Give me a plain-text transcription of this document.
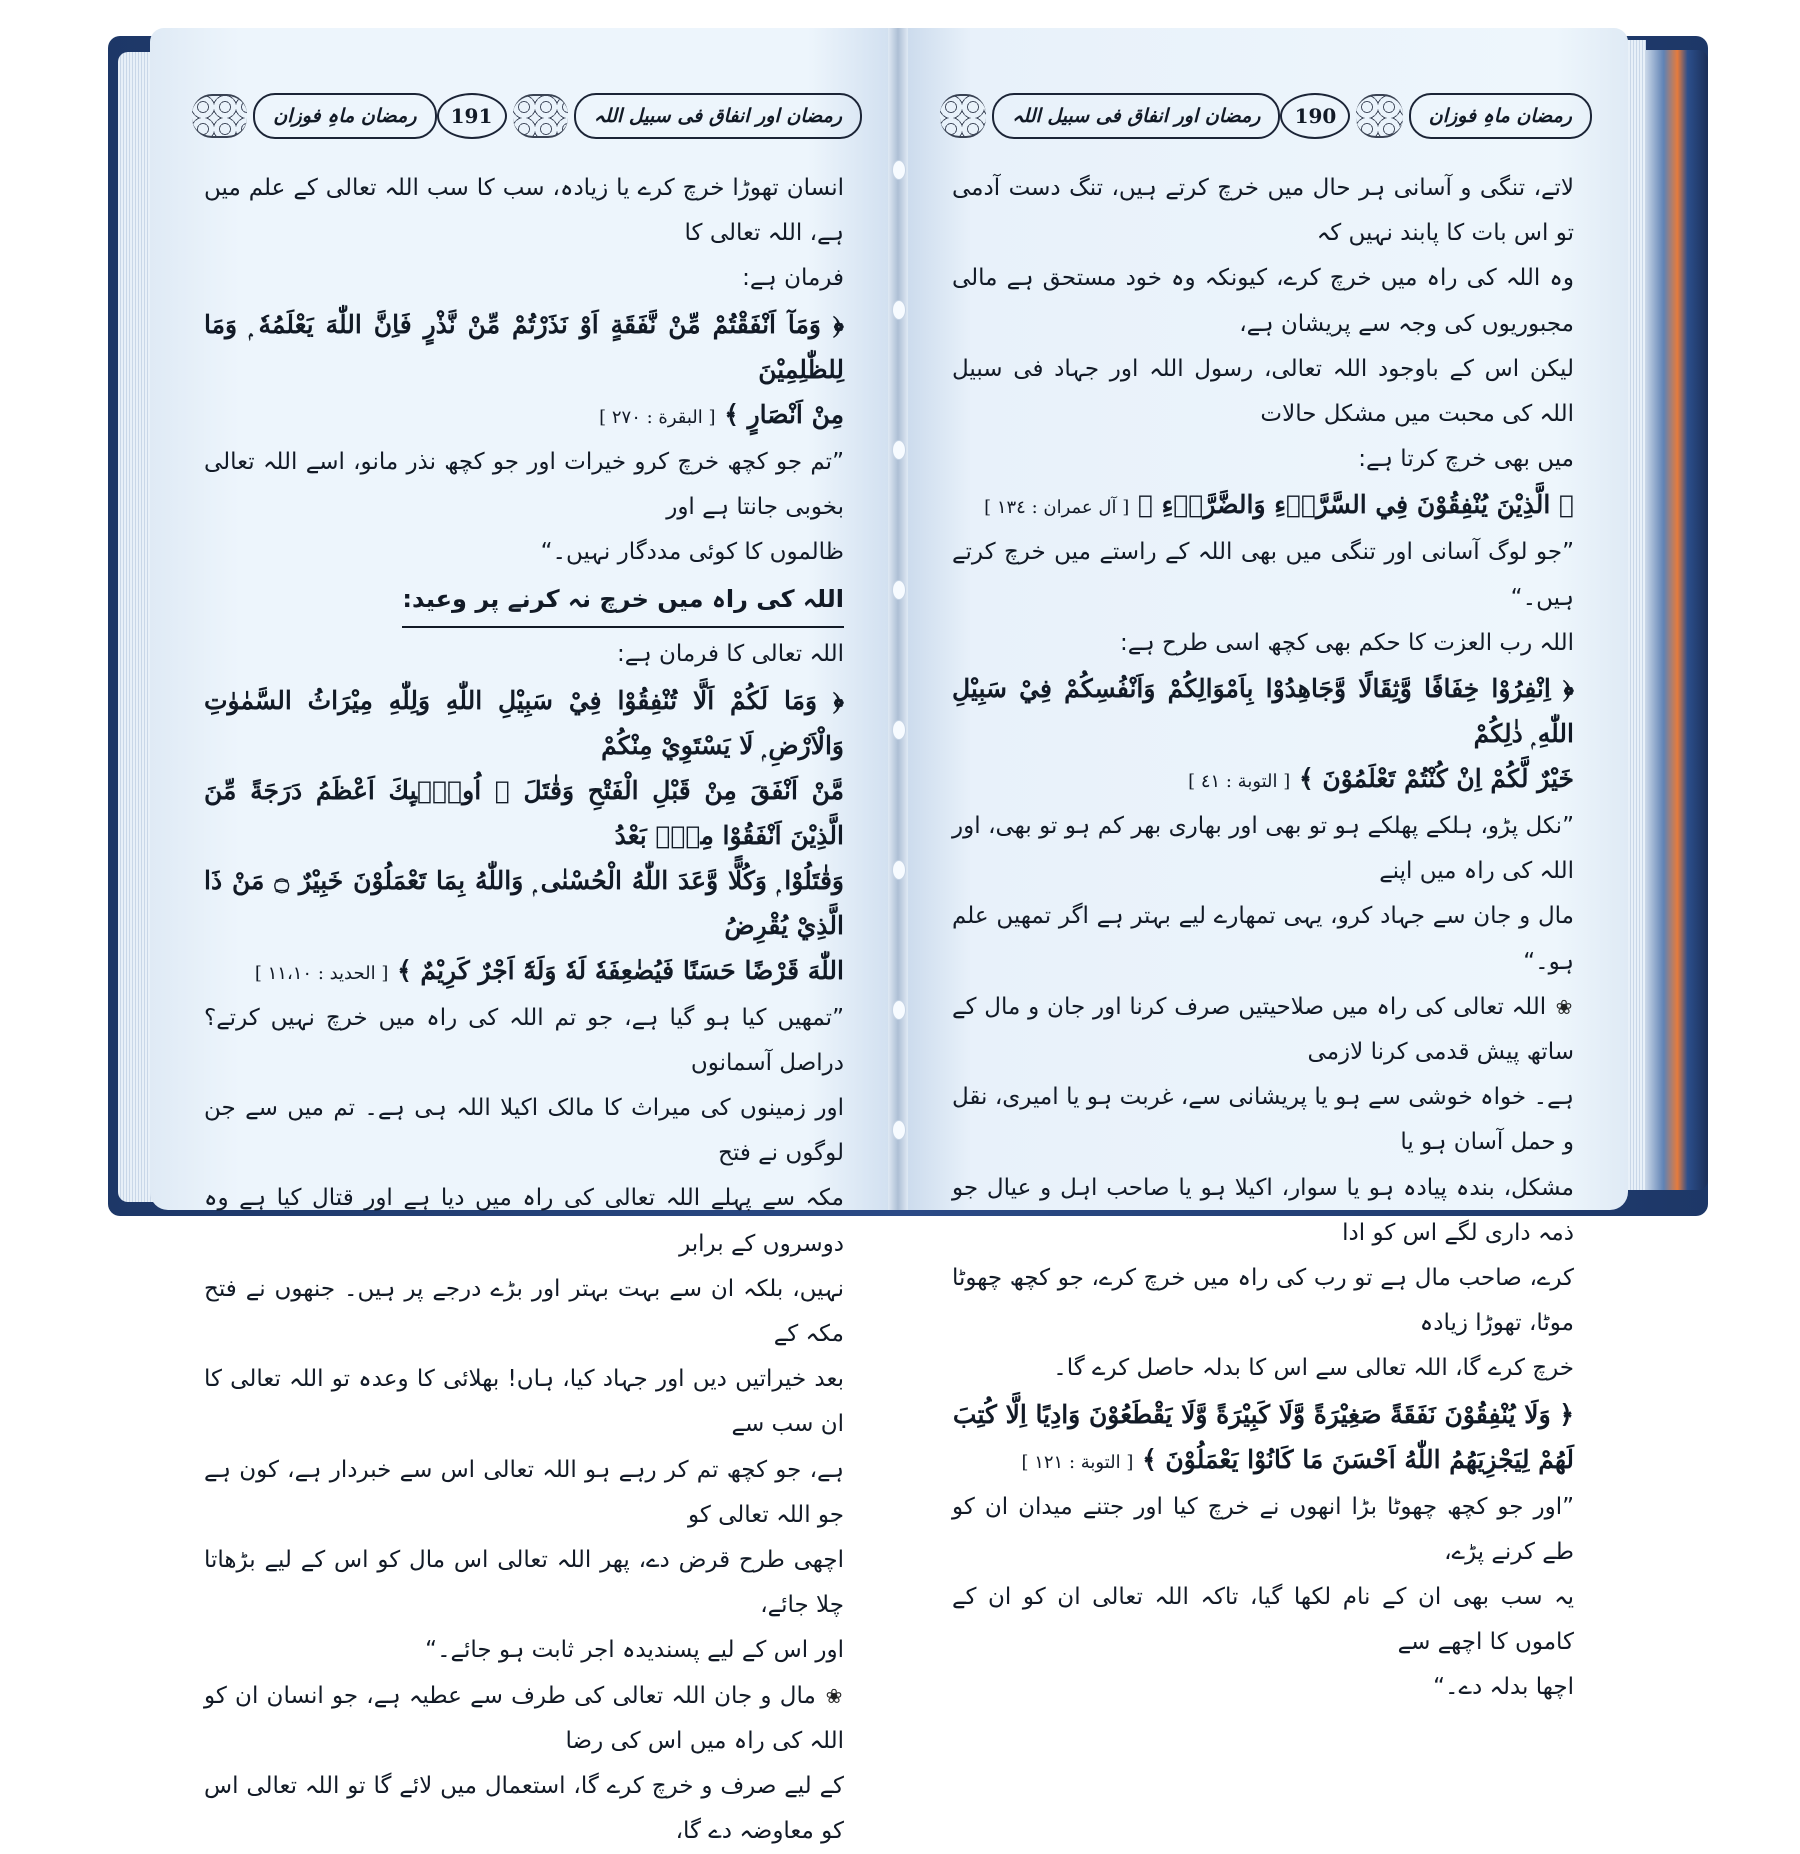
رمضان اور انفاق فی سبیل اللہ
191
رمضان ماہِ فوزان

انسان تھوڑا خرچ کرے یا زیادہ، سب کا سب اللہ تعالی کے علم میں ہے، اللہ تعالی کا

فرمان ہے:

﴿ وَمَآ اَنْفَقْتُمْ مِّنْ نَّفَقَةٍ اَوْ نَذَرْتُمْ مِّنْ نَّذْرٍ فَاِنَّ اللّٰهَ يَعْلَمُهٗ ۭ وَمَا لِلظّٰلِمِيْنَ

مِنْ اَنْصَارٍ ﴾ [ البقرة : ٢٧٠ ]

”تم جو کچھ خرچ کرو خیرات اور جو کچھ نذر مانو، اسے اللہ تعالی بخوبی جانتا ہے اور

ظالموں کا کوئی مددگار نہیں۔“

اللہ کی راہ میں خرچ نہ کرنے پر وعید:

اللہ تعالی کا فرمان ہے:

﴿ وَمَا لَكُمْ اَلَّا تُنْفِقُوْا فِيْ سَبِيْلِ اللّٰهِ وَلِلّٰهِ مِيْرَاثُ السَّمٰوٰتِ وَالْاَرْضِ ۭ لَا يَسْتَوِيْ مِنْكُمْ

مَّنْ اَنْفَقَ مِنْ قَبْلِ الْفَتْحِ وَقٰتَلَ ۭ اُولٰۗىِٕكَ اَعْظَمُ دَرَجَةً مِّنَ الَّذِيْنَ اَنْفَقُوْا مِنْۢ بَعْدُ

وَقٰتَلُوْا ۭ وَكُلًّا وَّعَدَ اللّٰهُ الْحُسْنٰى ۭ وَاللّٰهُ بِمَا تَعْمَلُوْنَ خَبِيْرٌ ۝ مَنْ ذَا الَّذِيْ يُقْرِضُ

اللّٰهَ قَرْضًا حَسَنًا فَيُضٰعِفَهٗ لَهٗ وَلَهٗٓ اَجْرٌ كَرِيْمٌ ﴾ [ الحديد : ١١،١٠ ]

”تمھیں کیا ہو گیا ہے، جو تم اللہ کی راہ میں خرچ نہیں کرتے؟ دراصل آسمانوں

اور زمینوں کی میراث کا مالک اکیلا اللہ ہی ہے۔ تم میں سے جن لوگوں نے فتح

مکہ سے پہلے اللہ تعالی کی راہ میں دیا ہے اور قتال کیا ہے وہ دوسروں کے برابر

نہیں، بلکہ ان سے بہت بہتر اور بڑے درجے پر ہیں۔ جنھوں نے فتح مکہ کے

بعد خیراتیں دیں اور جہاد کیا، ہاں! بھلائی کا وعدہ تو اللہ تعالی کا ان سب سے

ہے، جو کچھ تم کر رہے ہو اللہ تعالی اس سے خبردار ہے، کون ہے جو اللہ تعالی کو

اچھی طرح قرض دے، پھر اللہ تعالی اس مال کو اس کے لیے بڑھاتا چلا جائے،

اور اس کے لیے پسندیدہ اجر ثابت ہو جائے۔“

❀ مال و جان اللہ تعالی کی طرف سے عطیہ ہے، جو انسان ان کو اللہ کی راہ میں اس کی رضا

کے لیے صرف و خرچ کرے گا، استعمال میں لائے گا تو اللہ تعالی اس کو معاوضہ دے گا،

رمضان ماہِ فوزان
190
رمضان اور انفاق فی سبیل اللہ

لاتے، تنگی و آسانی ہر حال میں خرچ کرتے ہیں، تنگ دست آدمی تو اس بات کا پابند نہیں کہ

وہ اللہ کی راہ میں خرچ کرے، کیونکہ وہ خود مستحق ہے مالی مجبوریوں کی وجہ سے پریشان ہے،

لیکن اس کے باوجود اللہ تعالی، رسول اللہ اور جہاد فی سبیل اللہ کی محبت میں مشکل حالات

میں بھی خرچ کرتا ہے:

﴿ الَّذِيْنَ يُنْفِقُوْنَ فِي السَّرَّاۗءِ وَالضَّرَّاۗءِ ﴾ [ آل عمران : ١٣٤ ]

”جو لوگ آسانی اور تنگی میں بھی اللہ کے راستے میں خرچ کرتے ہیں۔“

اللہ رب العزت کا حکم بھی کچھ اسی طرح ہے:

﴿ اِنْفِرُوْا خِفَافًا وَّثِقَالًا وَّجَاهِدُوْا بِاَمْوَالِكُمْ وَاَنْفُسِكُمْ فِيْ سَبِيْلِ اللّٰهِ ۭ ذٰلِكُمْ

خَيْرٌ لَّكُمْ اِنْ كُنْتُمْ تَعْلَمُوْنَ ﴾ [ التوبة : ٤١ ]

”نکل پڑو، ہلکے پھلکے ہو تو بھی اور بھاری بھر کم ہو تو بھی، اور اللہ کی راہ میں اپنے

مال و جان سے جہاد کرو، یہی تمھارے لیے بہتر ہے اگر تمھیں علم ہو۔“

❀ اللہ تعالی کی راہ میں صلاحیتیں صرف کرنا اور جان و مال کے ساتھ پیش قدمی کرنا لازمی

ہے۔ خواہ خوشی سے ہو یا پریشانی سے، غربت ہو یا امیری، نقل و حمل آسان ہو یا

مشکل، بندہ پیادہ ہو یا سوار، اکیلا ہو یا صاحب اہل و عیال جو ذمہ داری لگے اس کو ادا

کرے، صاحب مال ہے تو رب کی راہ میں خرچ کرے، جو کچھ چھوٹا موٹا، تھوڑا زیادہ

خرچ کرے گا، اللہ تعالی سے اس کا بدلہ حاصل کرے گا۔

﴿ وَلَا يُنْفِقُوْنَ نَفَقَةً صَغِيْرَةً وَّلَا كَبِيْرَةً وَّلَا يَقْطَعُوْنَ وَادِيًا اِلَّا كُتِبَ

لَهُمْ لِيَجْزِيَهُمُ اللّٰهُ اَحْسَنَ مَا كَانُوْا يَعْمَلُوْنَ ﴾ [ التوبة : ١٢١ ]

”اور جو کچھ چھوٹا بڑا انھوں نے خرچ کیا اور جتنے میدان ان کو طے کرنے پڑے،

یہ سب بھی ان کے نام لکھا گیا، تاکہ اللہ تعالی ان کو ان کے کاموں کا اچھے سے

اچھا بدلہ دے۔“
